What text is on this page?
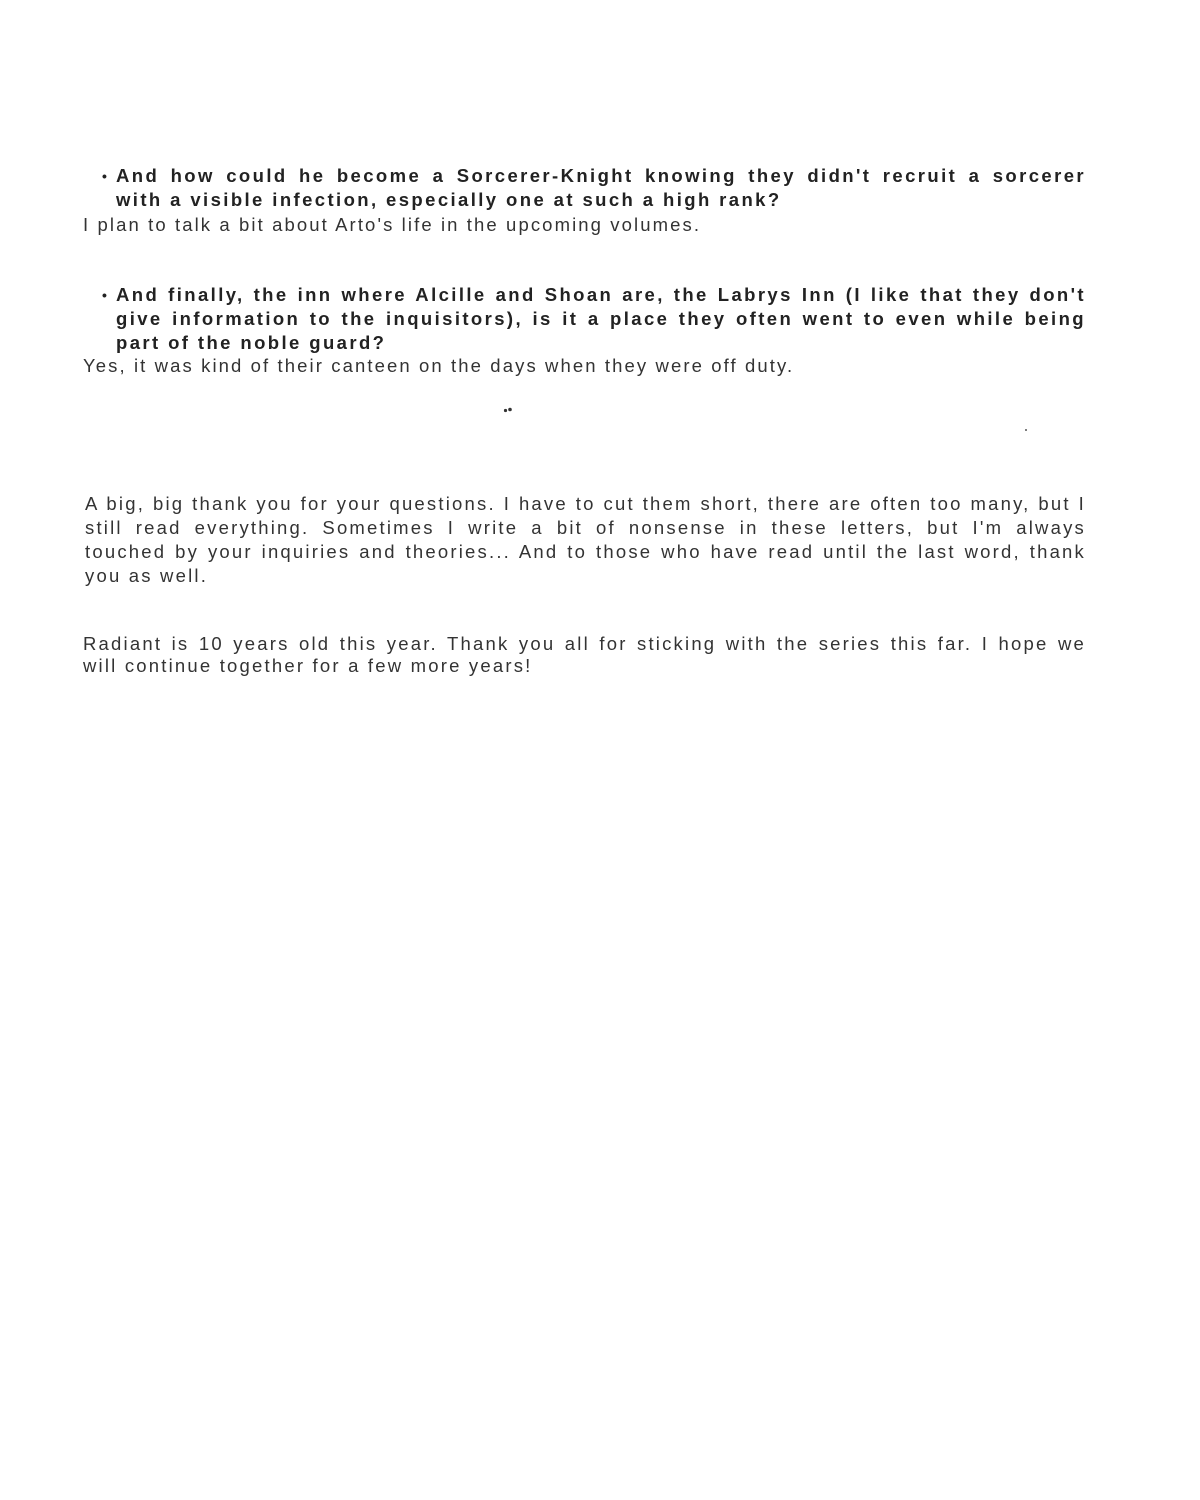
• And how could he become a Sorcerer-Knight knowing they didn't recruit a sorcerer with a visible infection, especially one at such a high rank?
I plan to talk a bit about Arto's life in the upcoming volumes.
• And finally, the inn where Alcille and Shoan are, the Labrys Inn (I like that they don't give information to the inquisitors), is it a place they often went to even while being part of the noble guard?
Yes, it was kind of their canteen on the days when they were off duty.
A big, big thank you for your questions. I have to cut them short, there are often too many, but I still read everything. Sometimes I write a bit of nonsense in these letters, but I'm always touched by your inquiries and theories... And to those who have read until the last word, thank you as well.
Radiant is 10 years old this year. Thank you all for sticking with the series this far. I hope we will continue together for a few more years!
